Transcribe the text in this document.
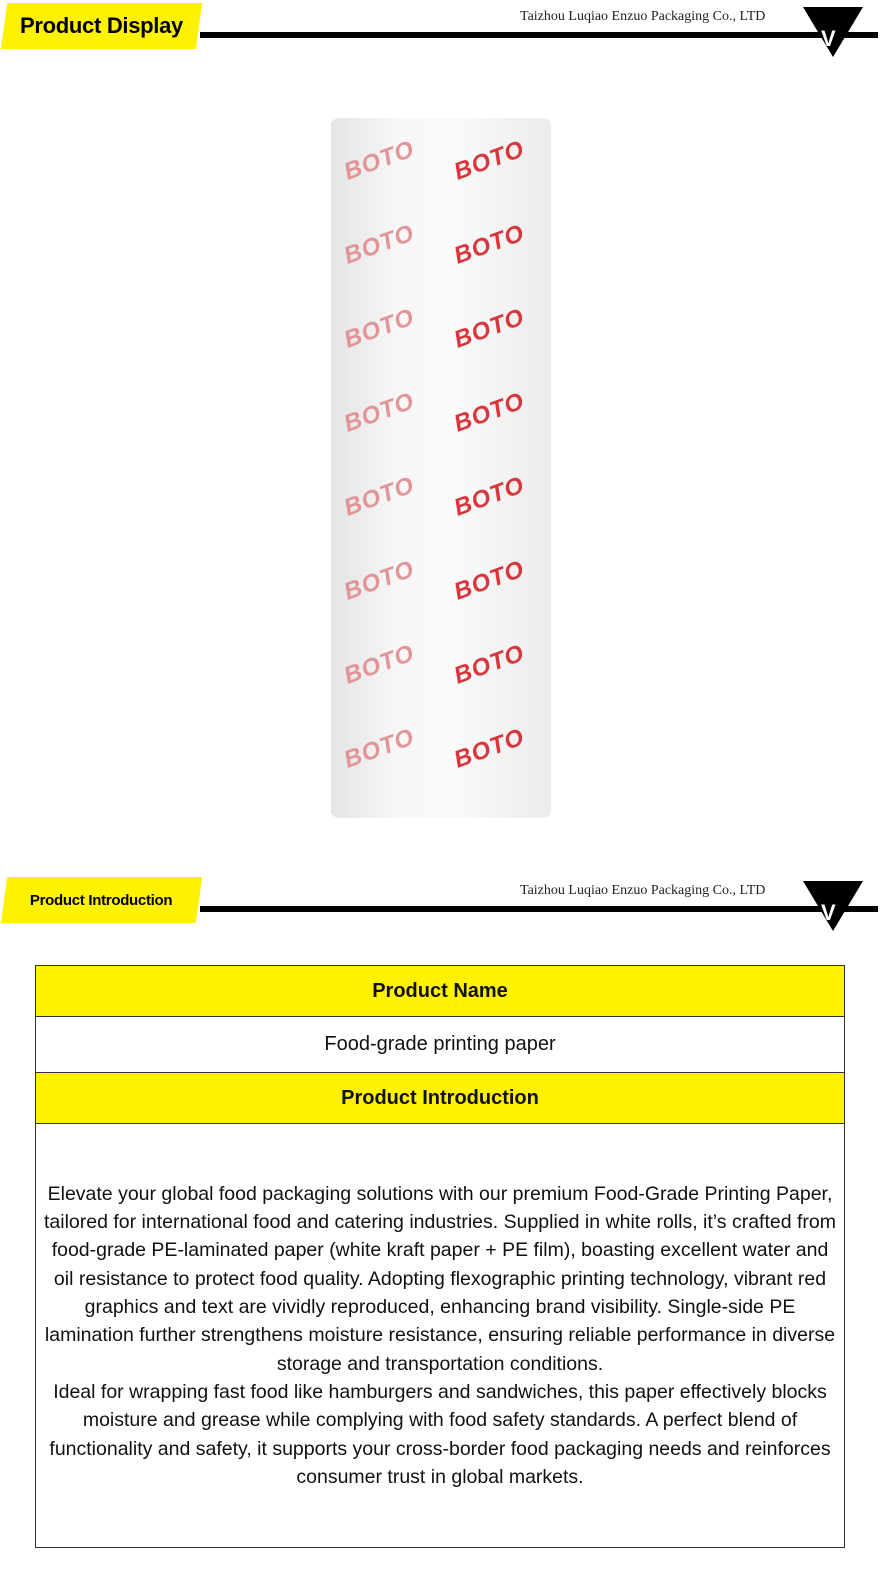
Product Display	Taizhou Luqiao Enzuo Packaging Co., LTD
V
BOTO BOTO
BOTO BOTO
BOTO BOTO
BOTO BOTO
BOTO BOTO
BOTO BOTO
BOTO BOTO
BOTO BOTO
Product Introduction
Taizhou Luqiao Enzuo Packaging Co., LTD
V
Product Name
Food-grade printing paper
Product Introduction

Elevate your global food packaging solutions with our premium Food-Grade Printing Paper, tailored for international food and catering industries. Supplied in white rolls, it’s crafted from food-grade PE-laminated paper (white kraft paper + PE film), boasting excellent water and oil resistance to protect food quality. Adopting flexographic printing technology, vibrant red graphics and text are vividly reproduced, enhancing brand visibility. Single-side PE lamination further strengthens moisture resistance, ensuring reliable performance in diverse storage and transportation conditions.
Ideal for wrapping fast food like hamburgers and sandwiches, this paper effectively blocks moisture and grease while complying with food safety standards. A perfect blend of functionality and safety, it supports your cross-border food packaging needs and reinforces consumer trust in global markets.
